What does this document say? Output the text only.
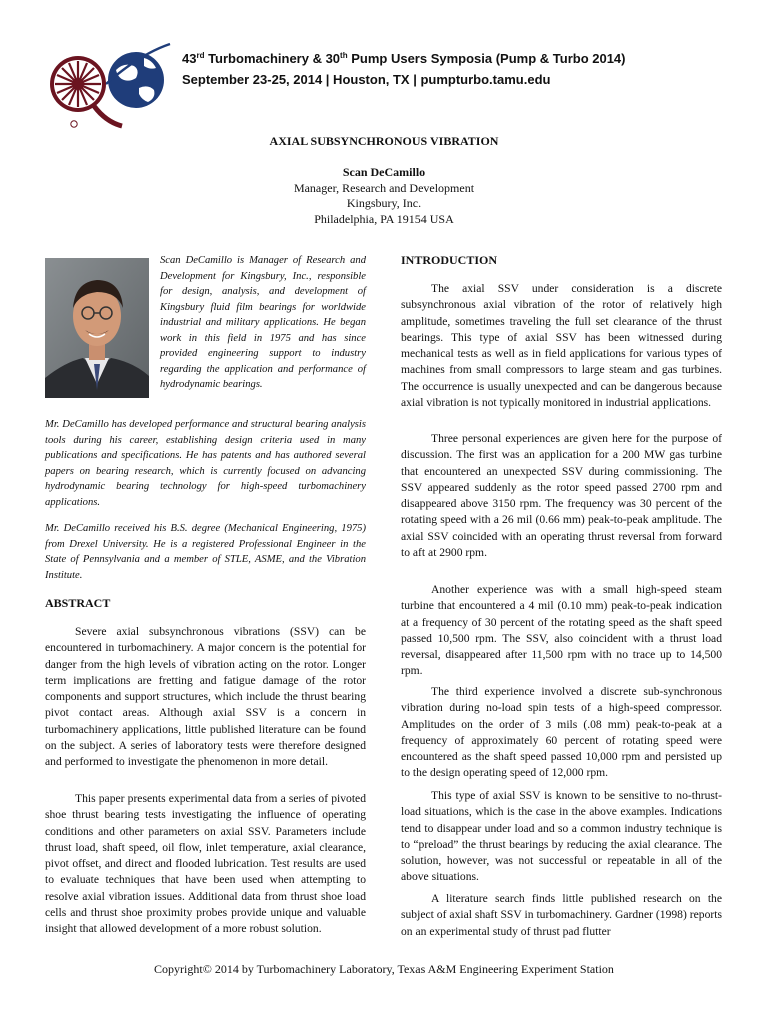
43rd Turbomachinery & 30th Pump Users Symposia (Pump & Turbo 2014)
September 23-25, 2014 | Houston, TX | pumpturbo.tamu.edu
AXIAL SUBSYNCHRONOUS VIBRATION
Scan DeCamillo
Manager, Research and Development
Kingsbury, Inc.
Philadelphia, PA 19154 USA

Scan DeCamillo is Manager of Research and Development for Kingsbury, Inc., responsible for design, analysis, and development of Kingsbury fluid film bearings for worldwide industrial and military applications. He began work in this field in 1975 and has since provided engineering support to industry regarding the application and performance of hydrodynamic bearings.

Mr. DeCamillo has developed performance and structural bearing analysis tools during his career, establishing design criteria used in many publications and specifications. He has patents and has authored several papers on bearing research, which is currently focused on advancing hydrodynamic bearing technology for high-speed turbomachinery applications.

Mr. DeCamillo received his B.S. degree (Mechanical Engineering, 1975) from Drexel University. He is a registered Professional Engineer in the State of Pennsylvania and a member of STLE, ASME, and the Vibration Institute.

ABSTRACT

Severe axial subsynchronous vibrations (SSV) can be encountered in turbomachinery. A major concern is the potential for danger from the high levels of vibration acting on the rotor. Longer term implications are fretting and fatigue damage of the rotor components and support structures, which include the thrust bearing pivot contact areas. Although axial SSV is a concern in turbomachinery applications, little published literature can be found on the subject. A series of laboratory tests were therefore designed and performed to investigate the phenomenon in more detail.

This paper presents experimental data from a series of pivoted shoe thrust bearing tests investigating the influence of operating conditions and other parameters on axial SSV. Parameters include thrust load, shaft speed, oil flow, inlet temperature, axial clearance, pivot offset, and direct and flooded lubrication. Test results are used to evaluate techniques that have been used when attempting to resolve axial vibration issues. Additional data from thrust shoe load cells and thrust shoe proximity probes provide unique and valuable insight that allowed development of a more robust solution.

INTRODUCTION

The axial SSV under consideration is a discrete subsynchronous axial vibration of the rotor of relatively high amplitude, sometimes traveling the full set clearance of the thrust bearings. This type of axial SSV has been witnessed during mechanical tests as well as in field applications for various types of machines from small compressors to large steam and gas turbines. The occurrence is usually unexpected and can be dangerous because axial vibration is not typically monitored in industrial applications.

Three personal experiences are given here for the purpose of discussion. The first was an application for a 200 MW gas turbine that encountered an unexpected SSV during commissioning. The SSV appeared suddenly as the rotor speed passed 2700 rpm and disappeared above 3150 rpm. The frequency was 30 percent of the rotating speed with a 26 mil (0.66 mm) peak-to-peak amplitude. The axial SSV coincided with an operating thrust reversal from forward to aft at 2900 rpm.

Another experience was with a small high-speed steam turbine that encountered a 4 mil (0.10 mm) peak-to-peak indication at a frequency of 30 percent of the rotating speed as the shaft speed passed 10,500 rpm. The SSV, also coincident with a thrust load reversal, disappeared after 11,500 rpm with no trace up to 14,500 rpm.

The third experience involved a discrete sub-synchronous vibration during no-load spin tests of a high-speed compressor. Amplitudes on the order of 3 mils (.08 mm) peak-to-peak at a frequency of approximately 60 percent of rotating speed were encountered as the shaft speed passed 10,000 rpm and persisted up to the design operating speed of 12,000 rpm.

This type of axial SSV is known to be sensitive to no-thrust-load situations, which is the case in the above examples. Indications tend to disappear under load and so a common industry technique is to “preload” the thrust bearings by reducing the axial clearance. The solution, however, was not successful or repeatable in all of the above situations.

A literature search finds little published research on the subject of axial shaft SSV in turbomachinery. Gardner (1998) reports on an experimental study of thrust pad flutter

Copyright© 2014 by Turbomachinery Laboratory, Texas A&M Engineering Experiment Station
